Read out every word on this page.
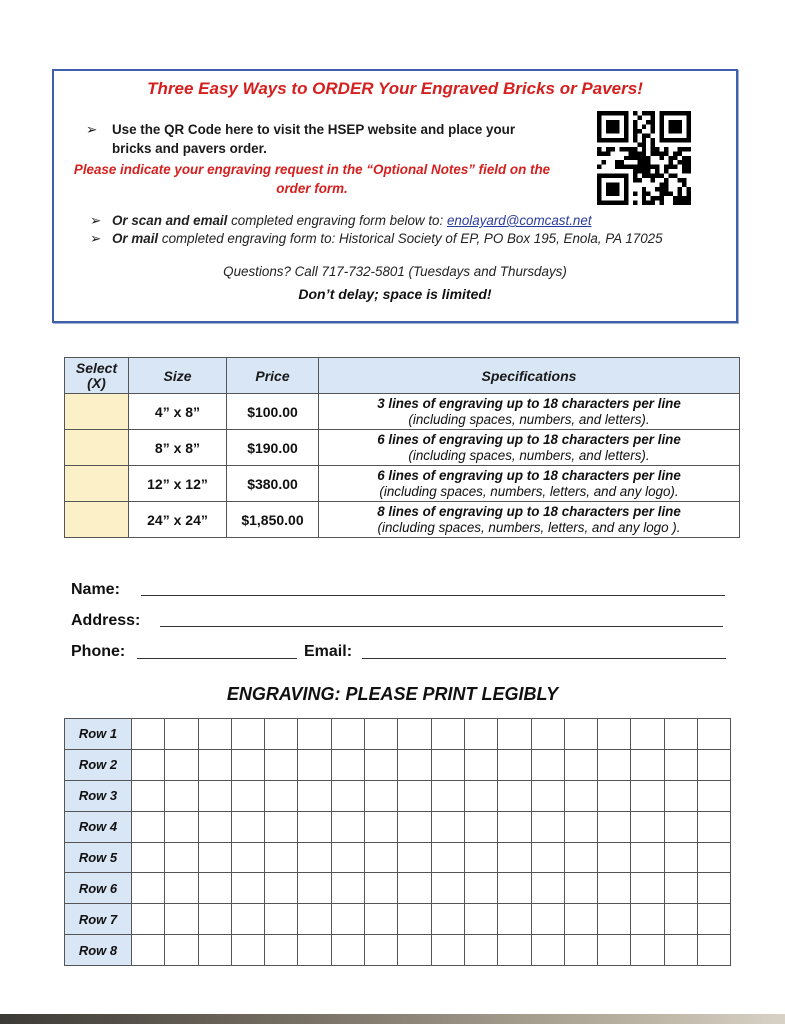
Three Easy Ways to ORDER Your Engraved Bricks or Pavers!
➢	Use the QR Code here to visit the HSEP website and place your bricks and pavers order.
Please indicate your engraving request in the “Optional Notes” field on the order form.
➢ Or scan and email completed engraving form below to: enolayard@comcast.net
➢ Or mail completed engraving form to: Historical Society of EP, PO Box 195, Enola, PA 17025
Questions? Call 717-732-5801 (Tuesdays and Thursdays)
Don’t delay; space is limited!
Select (X)	Size	Price	Specifications
	4” x 8”	$100.00	3 lines of engraving up to 18 characters per line
(including spaces, numbers, and letters).

	8” x 8”	$190.00	6 lines of engraving up to 18 characters per line
(including spaces, numbers, and letters).

	12” x 12”	$380.00	6 lines of engraving up to 18 characters per line
(including spaces, numbers, letters, and any logo).

	24” x 24”	$1,850.00	8 lines of engraving up to 18 characters per line
(including spaces, numbers, letters, and any logo ).
Name:
Address:
Phone:	Email:
ENGRAVING: PLEASE PRINT LEGIBLY
Row 1																		
Row 2																		
Row 3																		
Row 4																		
Row 5																		
Row 6																		
Row 7																		
Row 8																		
